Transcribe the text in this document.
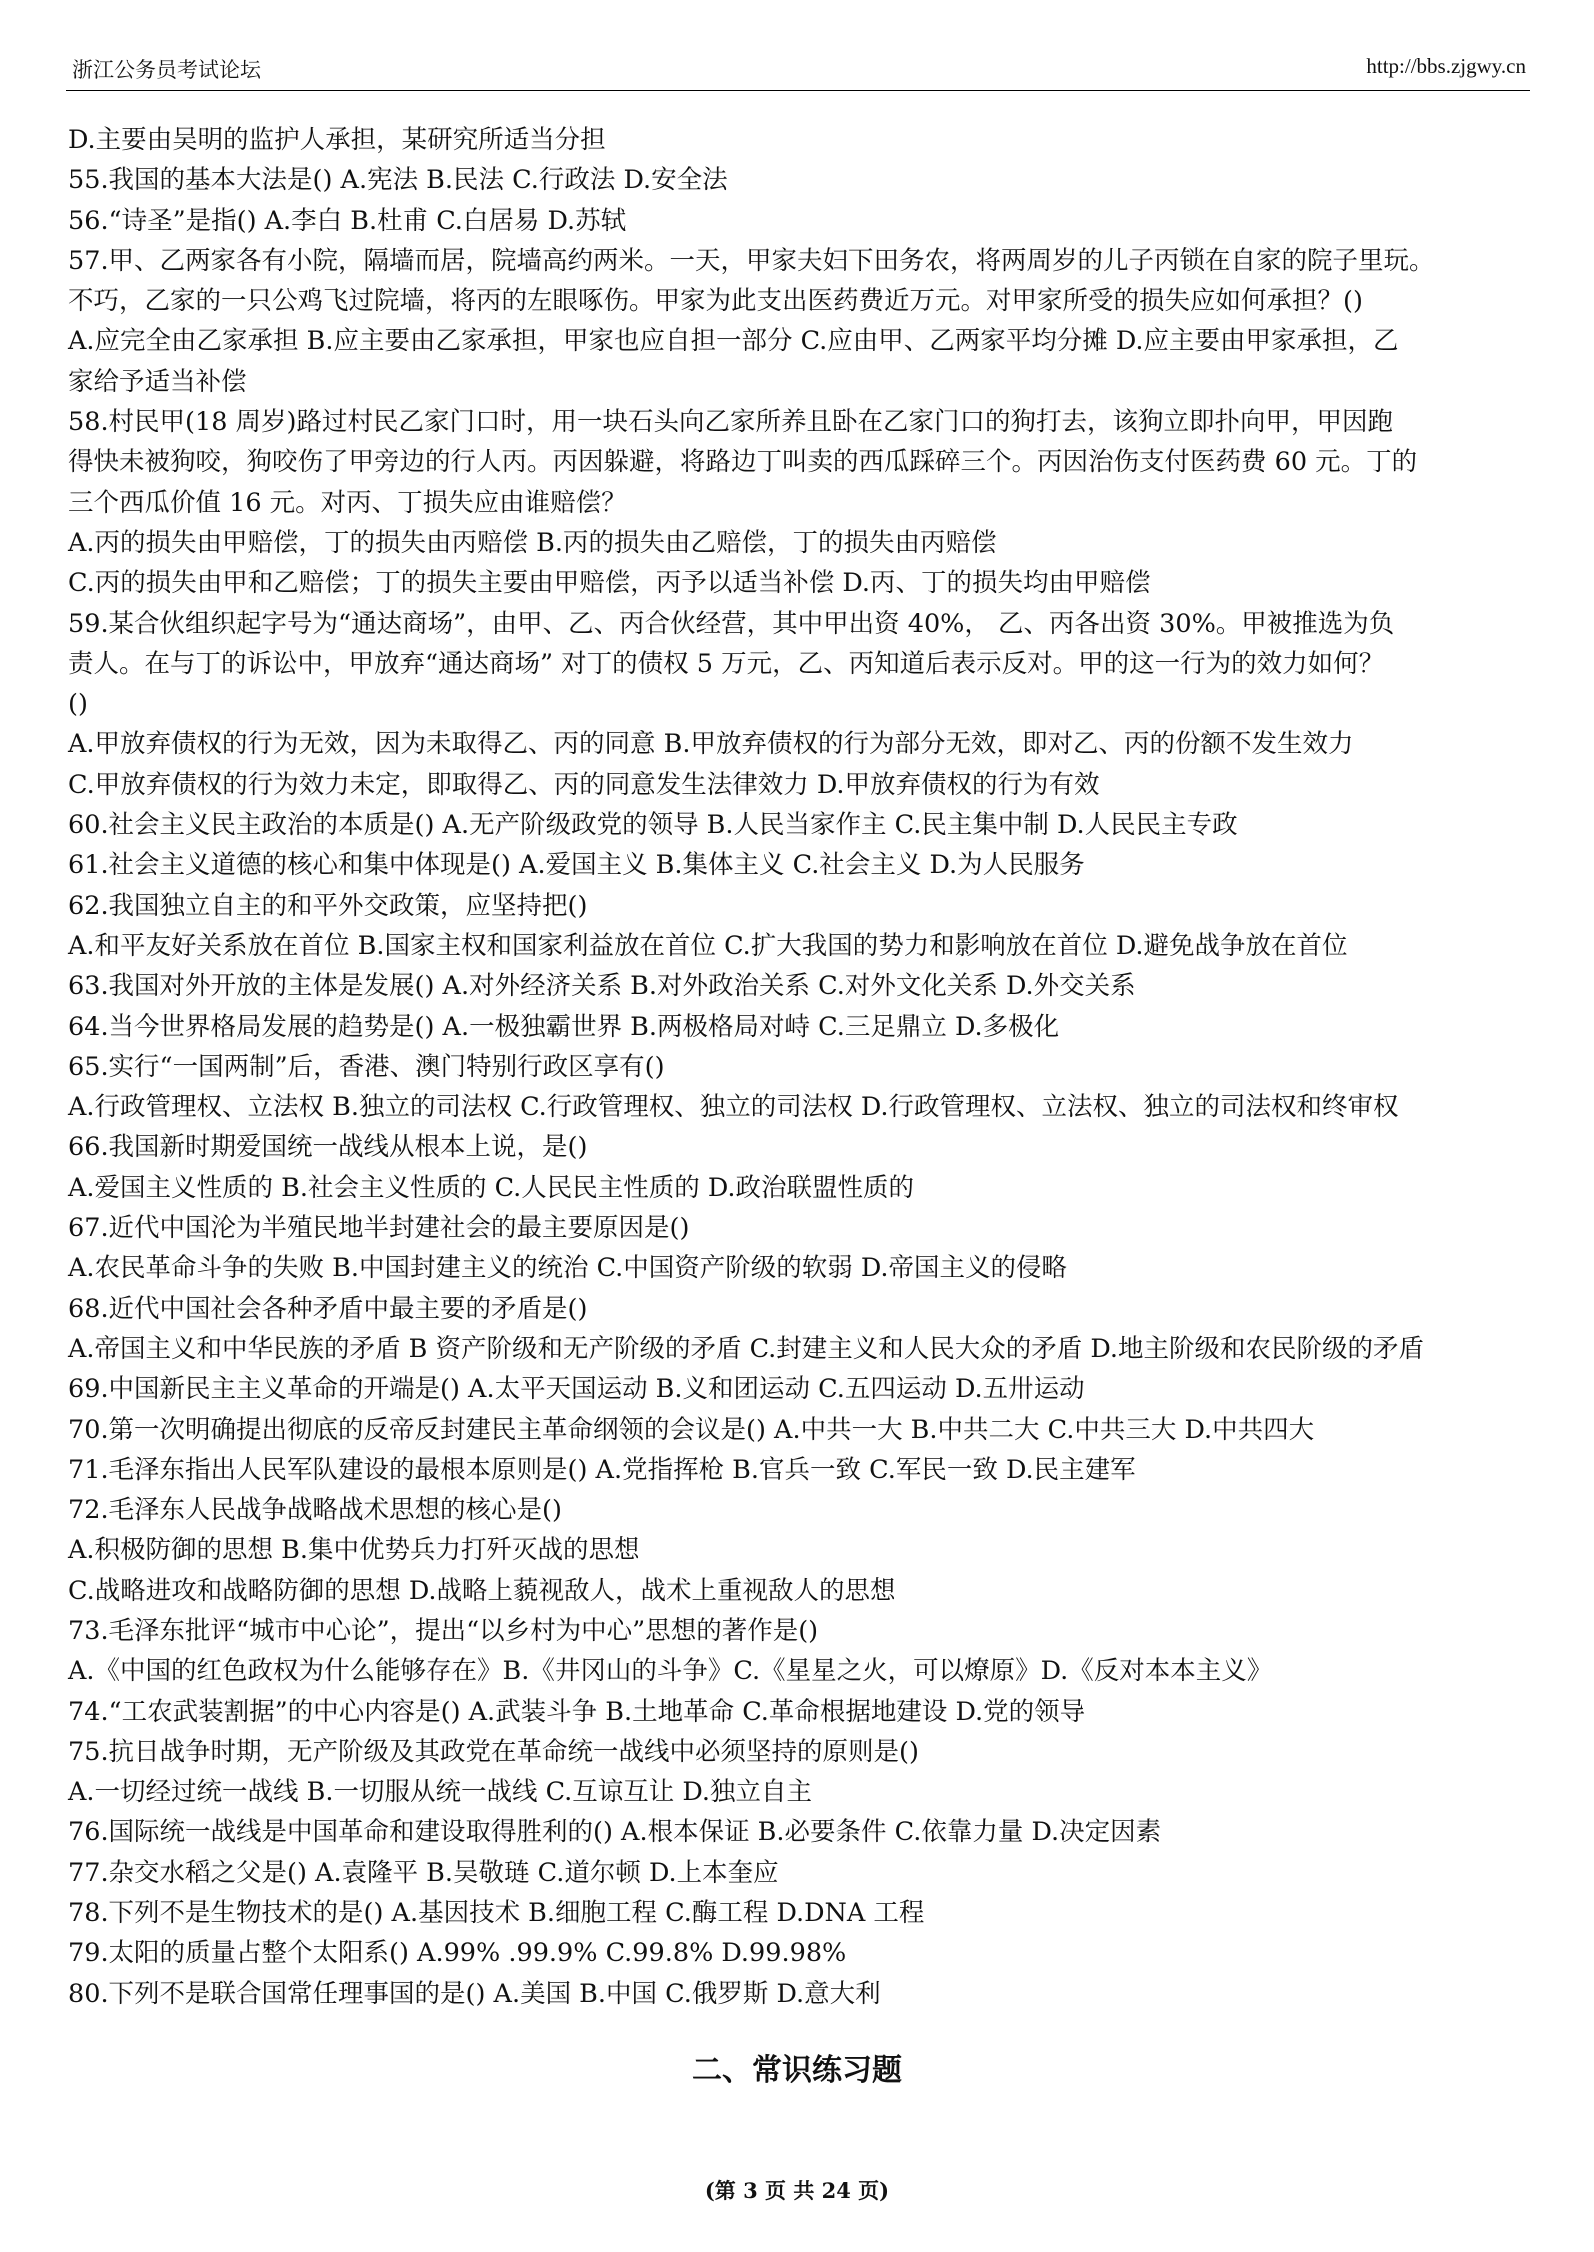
浙江公务员考试论坛	http://bbs.zjgwy.cn
D.主要由吴明的监护人承担，某研究所适当分担
55.我国的基本大法是() A.宪法 B.民法 C.行政法 D.安全法
56.“诗圣”是指() A.李白 B.杜甫 C.白居易 D.苏轼
57.甲、乙两家各有小院，隔墙而居，院墙高约两米。一天，甲家夫妇下田务农，将两周岁的儿子丙锁在自家的院子里玩。
不巧，乙家的一只公鸡飞过院墙，将丙的左眼啄伤。甲家为此支出医药费近万元。对甲家所受的损失应如何承担？()
A.应完全由乙家承担 B.应主要由乙家承担，甲家也应自担一部分 C.应由甲、乙两家平均分摊 D.应主要由甲家承担，乙
家给予适当补偿
58.村民甲(18 周岁)路过村民乙家门口时，用一块石头向乙家所养且卧在乙家门口的狗打去，该狗立即扑向甲，甲因跑
得快未被狗咬，狗咬伤了甲旁边的行人丙。丙因躲避，将路边丁叫卖的西瓜踩碎三个。丙因治伤支付医药费 60 元。丁的
三个西瓜价值 16 元。对丙、丁损失应由谁赔偿？
A.丙的损失由甲赔偿，丁的损失由丙赔偿 B.丙的损失由乙赔偿，丁的损失由丙赔偿
C.丙的损失由甲和乙赔偿；丁的损失主要由甲赔偿，丙予以适当补偿 D.丙、丁的损失均由甲赔偿
59.某合伙组织起字号为“通达商场”，由甲、乙、丙合伙经营，其中甲出资 40%， 乙、丙各出资 30%。甲被推选为负
责人。在与丁的诉讼中，甲放弃“通达商场” 对丁的债权 5 万元，乙、丙知道后表示反对。甲的这一行为的效力如何？
()
A.甲放弃债权的行为无效，因为未取得乙、丙的同意 B.甲放弃债权的行为部分无效，即对乙、丙的份额不发生效力
C.甲放弃债权的行为效力未定，即取得乙、丙的同意发生法律效力 D.甲放弃债权的行为有效
60.社会主义民主政治的本质是() A.无产阶级政党的领导 B.人民当家作主 C.民主集中制 D.人民民主专政
61.社会主义道德的核心和集中体现是() A.爱国主义 B.集体主义 C.社会主义 D.为人民服务
62.我国独立自主的和平外交政策，应坚持把()
A.和平友好关系放在首位 B.国家主权和国家利益放在首位 C.扩大我国的势力和影响放在首位 D.避免战争放在首位
63.我国对外开放的主体是发展() A.对外经济关系 B.对外政治关系 C.对外文化关系 D.外交关系
64.当今世界格局发展的趋势是() A.一极独霸世界 B.两极格局对峙 C.三足鼎立 D.多极化
65.实行“一国两制”后，香港、澳门特别行政区享有()
A.行政管理权、立法权 B.独立的司法权 C.行政管理权、独立的司法权 D.行政管理权、立法权、独立的司法权和终审权
66.我国新时期爱国统一战线从根本上说，是()
A.爱国主义性质的 B.社会主义性质的 C.人民民主性质的 D.政治联盟性质的
67.近代中国沦为半殖民地半封建社会的最主要原因是()
A.农民革命斗争的失败 B.中国封建主义的统治 C.中国资产阶级的软弱 D.帝国主义的侵略
68.近代中国社会各种矛盾中最主要的矛盾是()
A.帝国主义和中华民族的矛盾 B 资产阶级和无产阶级的矛盾 C.封建主义和人民大众的矛盾 D.地主阶级和农民阶级的矛盾
69.中国新民主主义革命的开端是() A.太平天国运动 B.义和团运动 C.五四运动 D.五卅运动
70.第一次明确提出彻底的反帝反封建民主革命纲领的会议是() A.中共一大 B.中共二大 C.中共三大 D.中共四大
71.毛泽东指出人民军队建设的最根本原则是() A.党指挥枪 B.官兵一致 C.军民一致 D.民主建军
72.毛泽东人民战争战略战术思想的核心是()
A.积极防御的思想 B.集中优势兵力打歼灭战的思想
C.战略进攻和战略防御的思想 D.战略上藐视敌人，战术上重视敌人的思想
73.毛泽东批评“城市中心论”，提出“以乡村为中心”思想的著作是()
A.《中国的红色政权为什么能够存在》B.《井冈山的斗争》C.《星星之火，可以燎原》D.《反对本本主义》
74.“工农武装割据”的中心内容是() A.武装斗争 B.土地革命 C.革命根据地建设 D.党的领导
75.抗日战争时期，无产阶级及其政党在革命统一战线中必须坚持的原则是()
A.一切经过统一战线 B.一切服从统一战线 C.互谅互让 D.独立自主
76.国际统一战线是中国革命和建设取得胜利的() A.根本保证 B.必要条件 C.依靠力量 D.决定因素
77.杂交水稻之父是() A.袁隆平 B.吴敬琏 C.道尔顿 D.上本奎应
78.下列不是生物技术的是() A.基因技术 B.细胞工程 C.酶工程 D.DNA 工程
79.太阳的质量占整个太阳系() A.99% .99.9% C.99.8% D.99.98%
80.下列不是联合国常任理事国的是() A.美国 B.中国 C.俄罗斯 D.意大利
二、常识练习题
(第 3 页 共 24 页)
